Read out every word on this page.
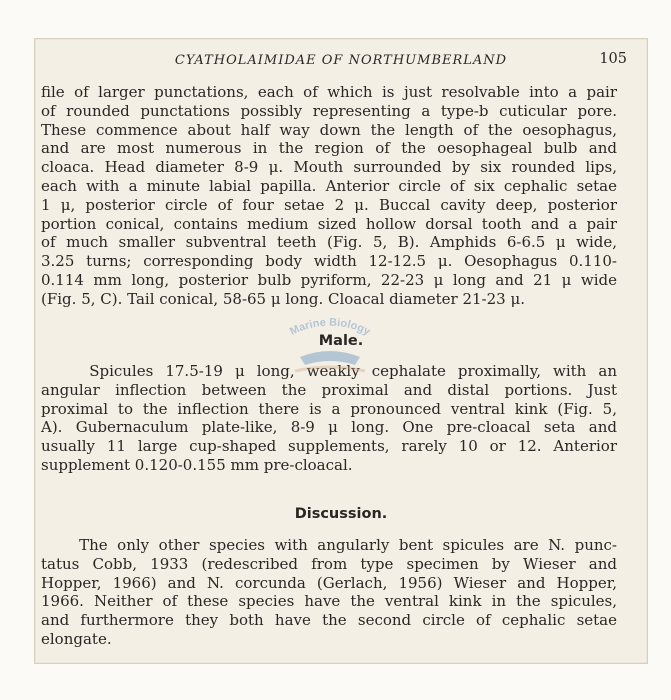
CYATHOLAIMIDAE OF NORTHUMBERLAND	105
file of larger punctations, each of which is just resolvable into a pair
of rounded punctations possibly representing a type-b cuticular pore.
These commence about half way down the length of the oesophagus,
and are most numerous in the region of the oesophageal bulb and
cloaca. Head diameter 8-9 μ. Mouth surrounded by six rounded lips,
each with a minute labial papilla. Anterior circle of six cephalic setae
1 μ, posterior circle of four setae 2 μ. Buccal cavity deep, posterior
portion conical, contains medium sized hollow dorsal tooth and a pair
of much smaller subventral teeth (Fig. 5, B). Amphids 6-6.5 μ wide,
3.25 turns; corresponding body width 12-12.5 μ. Oesophagus 0.110-
0.114 mm long, posterior bulb pyriform, 22-23 μ long and 21 μ wide
(Fig. 5, C). Tail conical, 58-65 μ long. Cloacal diameter 21-23 μ.
Male.
Spicules 17.5-19 μ long, weakly cephalate proximally, with an
angular inflection between the proximal and distal portions. Just
proximal to the inflection there is a pronounced ventral kink (Fig. 5,
A). Gubernaculum plate-like, 8-9 μ long. One pre-cloacal seta and
usually 11 large cup-shaped supplements, rarely 10 or 12. Anterior
supplement 0.120-0.155 mm pre-cloacal.
Discussion.
The only other species with angularly bent spicules are N. punc-
tatus Cobb, 1933 (redescribed from type specimen by Wieser and
Hopper, 1966) and N. corcunda (Gerlach, 1956) Wieser and Hopper,
1966. Neither of these species have the ventral kink in the spicules,
and furthermore they both have the second circle of cephalic setae
elongate.
Marine Biology
